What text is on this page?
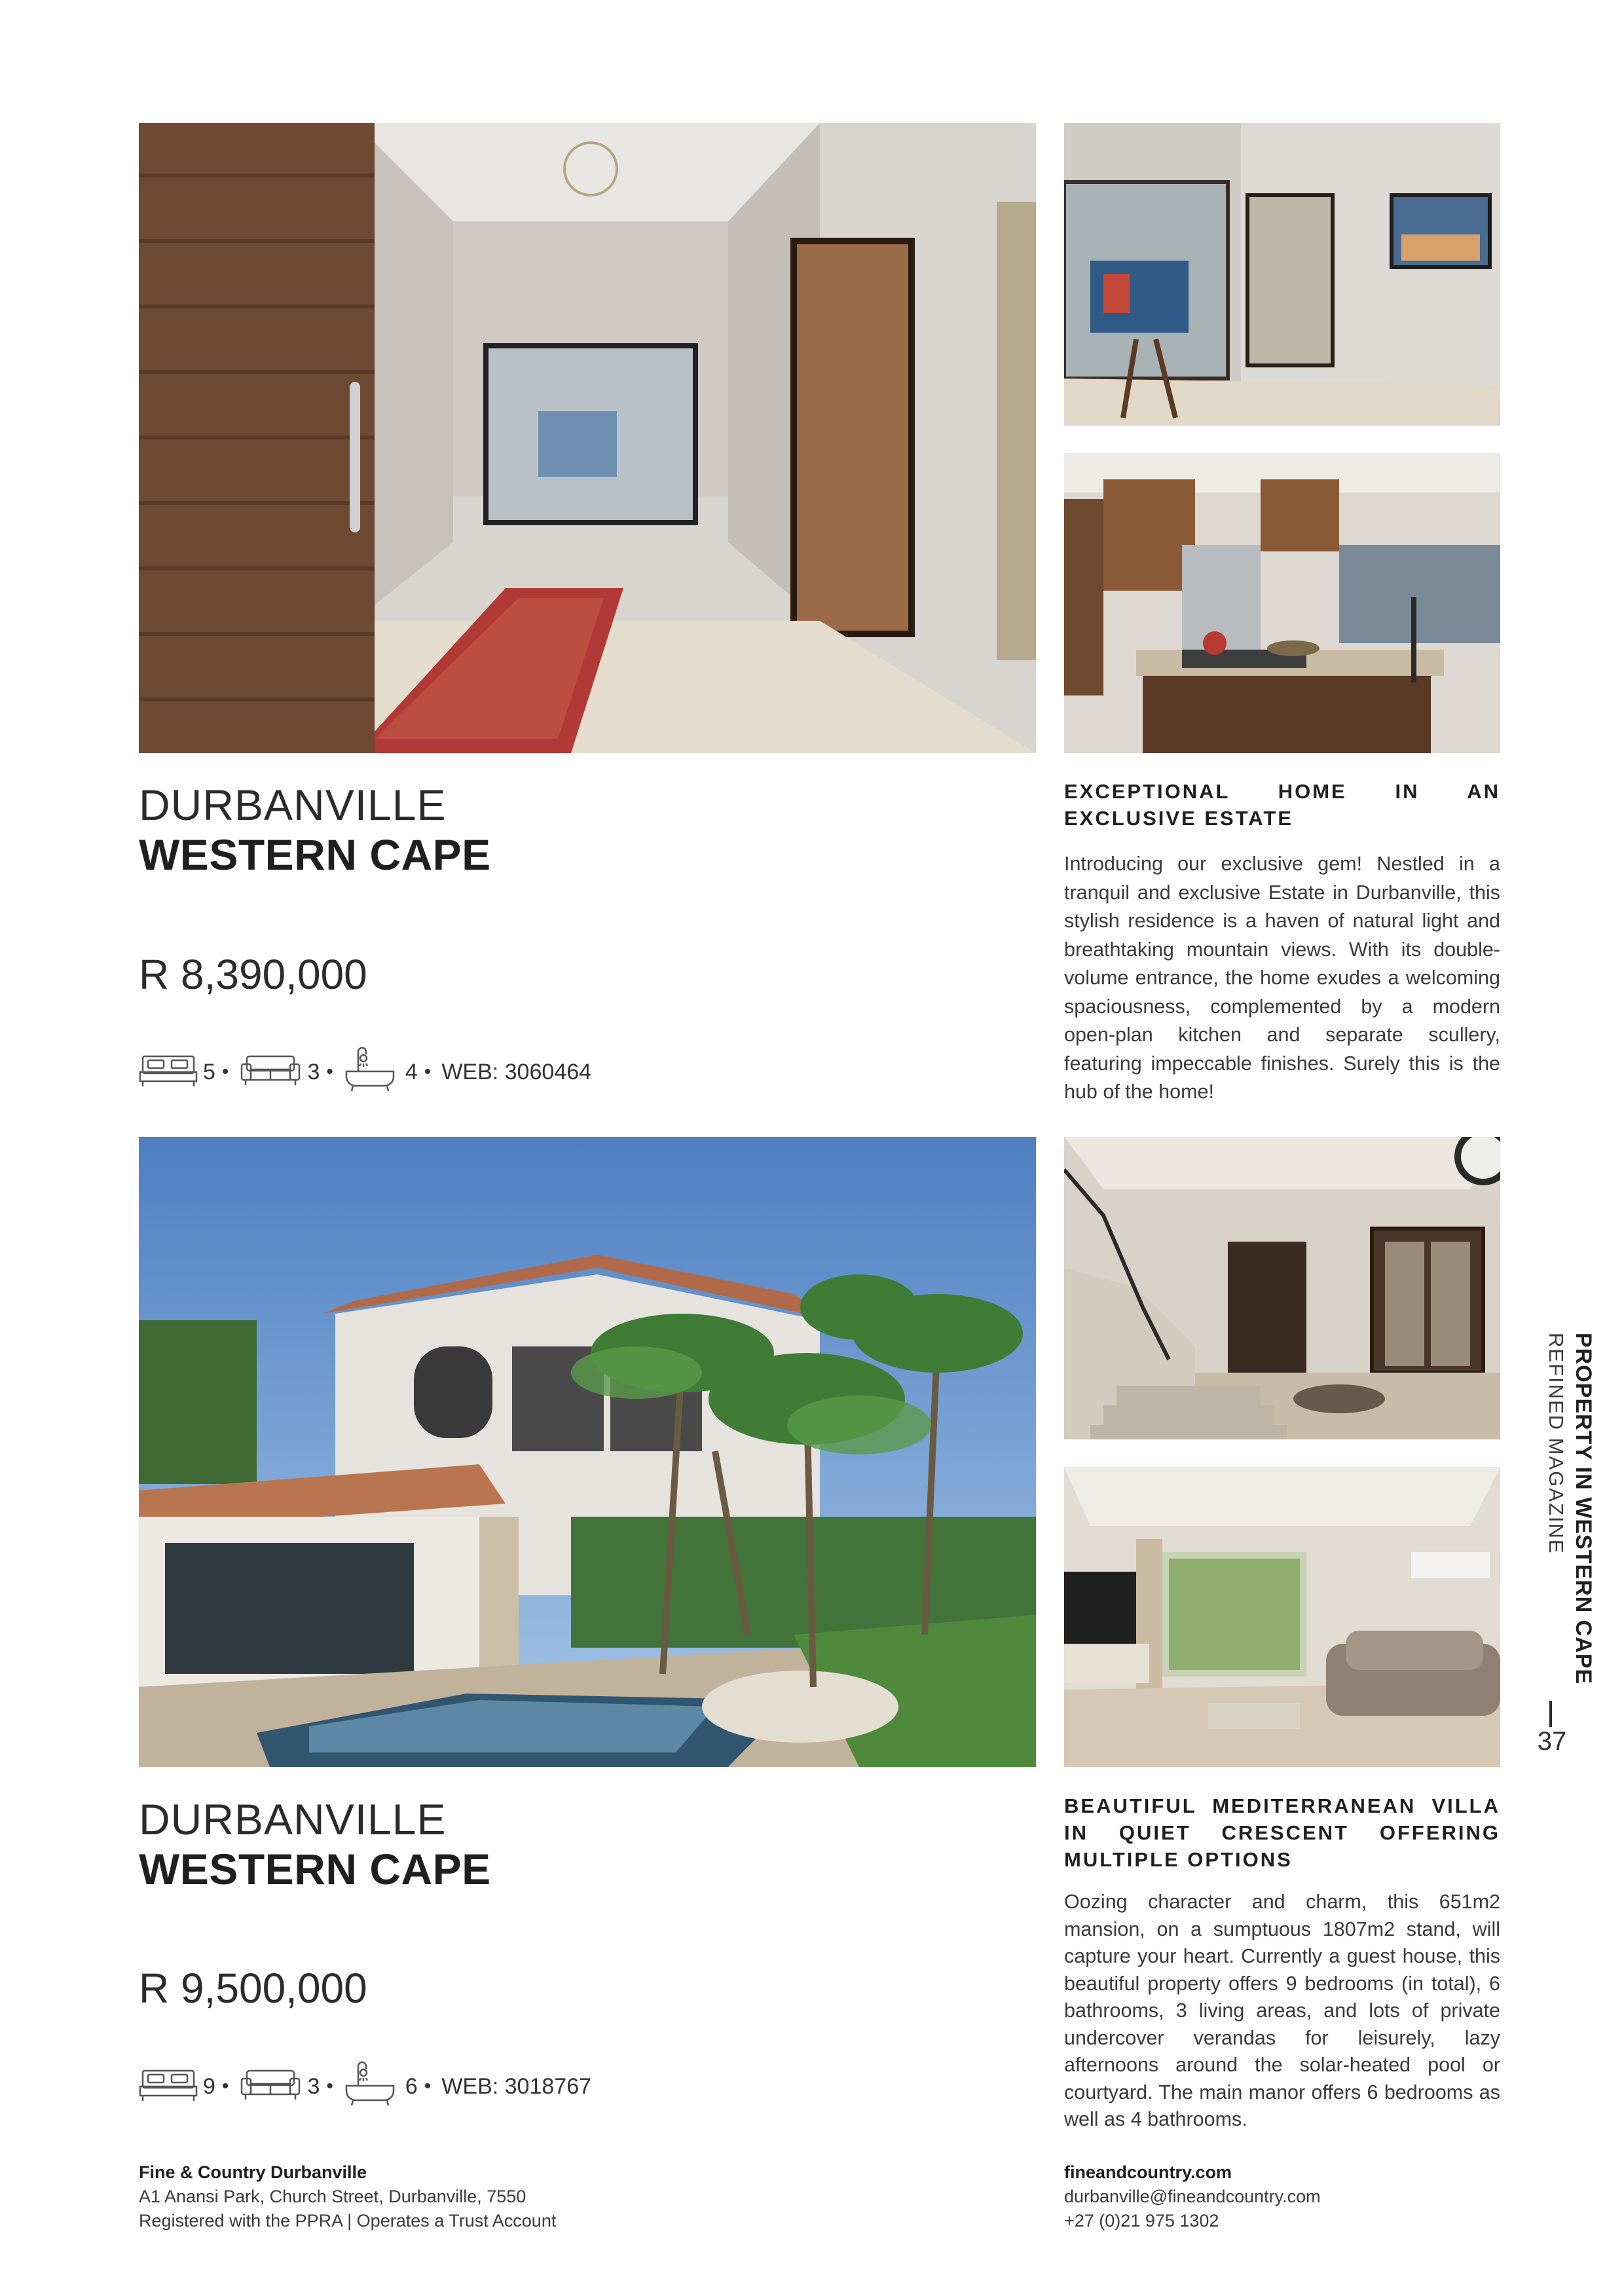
DURBANVILLE
WESTERN CAPE
R 8,390,000
5 •	3 •	4 • WEB: 3060464
EXCEPTIONAL HOME IN AN EXCLUSIVE ESTATE
Introducing our exclusive gem! Nestled in a tranquil and exclusive Estate in Durbanville, this stylish residence is a haven of natural light and breathtaking mountain views. With its double-volume entrance, the home exudes a welcoming spaciousness, complemented by a modern open-plan kitchen and separate scullery, featuring impeccable finishes. Surely this is the hub of the home!
DURBANVILLE
WESTERN CAPE
R 9,500,000
9 •	3 •	6 • WEB: 3018767
BEAUTIFUL MEDITERRANEAN VILLA IN QUIET CRESCENT OFFERING MULTIPLE OPTIONS
Oozing character and charm, this 651m2 mansion, on a sumptuous 1807m2 stand, will capture your heart. Currently a guest house, this beautiful property offers 9 bedrooms (in total), 6 bathrooms, 3 living areas, and lots of private undercover verandas for leisurely, lazy afternoons around the solar-heated pool or courtyard. The main manor offers 6 bedrooms as well as 4 bathrooms.
Fine & Country Durbanville
A1 Anansi Park, Church Street, Durbanville, 7550
Registered with the PPRA | Operates a Trust Account
fineandcountry.com
durbanville@fineandcountry.com
+27 (0)21 975 1302
PROPERTY IN WESTERN CAPE
REFINED MAGAZINE
37
